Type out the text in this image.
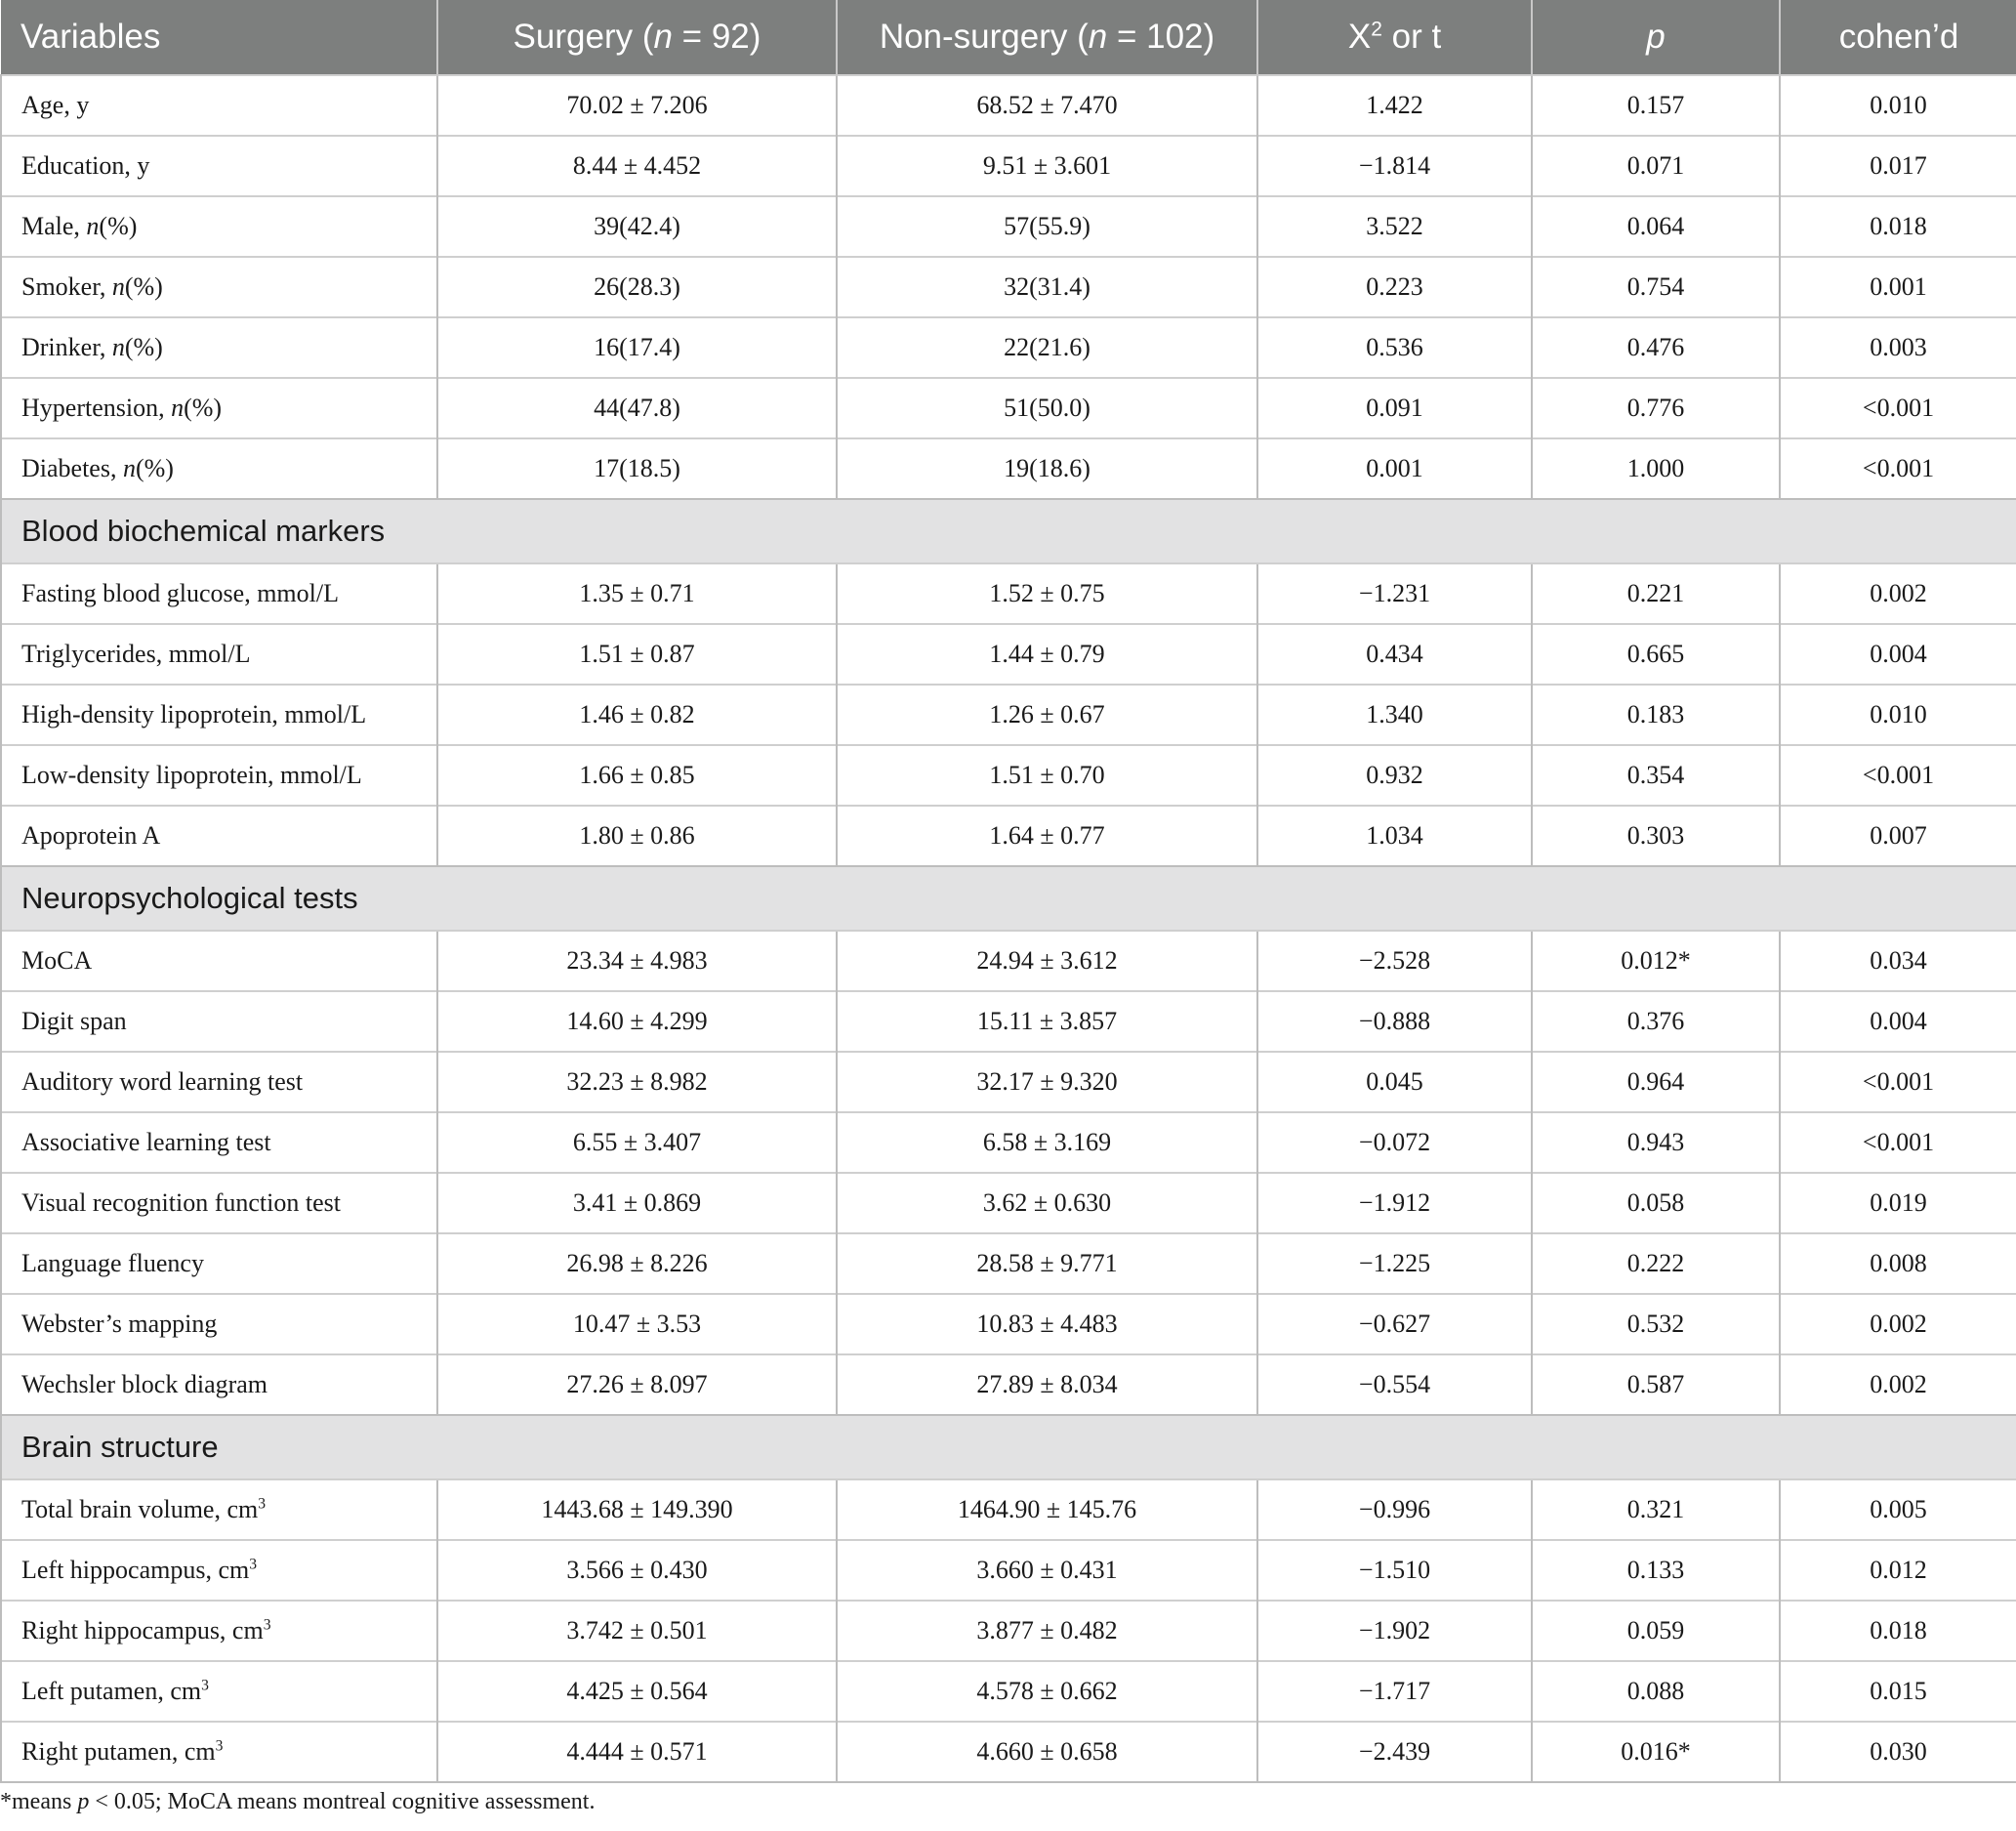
Variables	Surgery (n = 92)	Non-surgery (n = 102)	$X^2$ or t	p	cohen’d
Age, y	70.02 ± 7.206	68.52 ± 7.470	1.422	0.157	0.010
Education, y	8.44 ± 4.452	9.51 ± 3.601	−1.814	0.071	0.017
Male, n(%)	39(42.4)	57(55.9)	3.522	0.064	0.018
Smoker, n(%)	26(28.3)	32(31.4)	0.223	0.754	0.001
Drinker, n(%)	16(17.4)	22(21.6)	0.536	0.476	0.003
Hypertension, n(%)	44(47.8)	51(50.0)	0.091	0.776	<0.001
Diabetes, n(%)	17(18.5)	19(18.6)	0.001	1.000	<0.001
Blood biochemical markers					
Fasting blood glucose, mmol/L	1.35 ± 0.71	1.52 ± 0.75	−1.231	0.221	0.002
Triglycerides, mmol/L	1.51 ± 0.87	1.44 ± 0.79	0.434	0.665	0.004
High-density lipoprotein, mmol/L	1.46 ± 0.82	1.26 ± 0.67	1.340	0.183	0.010
Low-density lipoprotein, mmol/L	1.66 ± 0.85	1.51 ± 0.70	0.932	0.354	<0.001
Apoprotein A	1.80 ± 0.86	1.64 ± 0.77	1.034	0.303	0.007
Neuropsychological tests					
MoCA	23.34 ± 4.983	24.94 ± 3.612	−2.528	0.012*	0.034
Digit span	14.60 ± 4.299	15.11 ± 3.857	−0.888	0.376	0.004
Auditory word learning test	32.23 ± 8.982	32.17 ± 9.320	0.045	0.964	<0.001
Associative learning test	6.55 ± 3.407	6.58 ± 3.169	−0.072	0.943	<0.001
Visual recognition function test	3.41 ± 0.869	3.62 ± 0.630	−1.912	0.058	0.019
Language fluency	26.98 ± 8.226	28.58 ± 9.771	−1.225	0.222	0.008
Webster’s mapping	10.47 ± 3.53	10.83 ± 4.483	−0.627	0.532	0.002
Wechsler block diagram	27.26 ± 8.097	27.89 ± 8.034	−0.554	0.587	0.002
Brain structure					
Total brain volume, $cm^3$	1443.68 ± 149.390	1464.90 ± 145.76	−0.996	0.321	0.005
Left hippocampus, $cm^3$	3.566 ± 0.430	3.660 ± 0.431	−1.510	0.133	0.012
Right hippocampus, $cm^3$	3.742 ± 0.501	3.877 ± 0.482	−1.902	0.059	0.018
Left putamen, $cm^3$	4.425 ± 0.564	4.578 ± 0.662	−1.717	0.088	0.015
Right putamen, $cm^3$	4.444 ± 0.571	4.660 ± 0.658	−2.439	0.016*	0.030
*means p < 0.05; MoCA means montreal cognitive assessment.
